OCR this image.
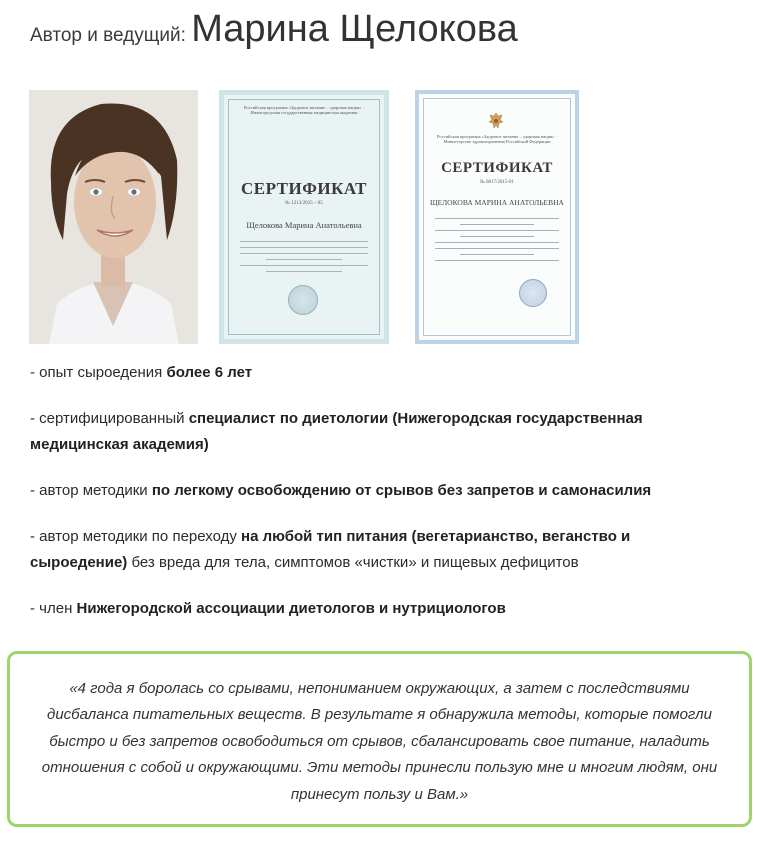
Автор и ведущий: Марина Щелокова
Российская программа «Здоровое питание – здоровая нация» · Нижегородская государственная медицинская академия
СЕРТИФИКАТ
№ 1213/2015 – 05
Щелокова Марина Анатольевна
Российская программа «Здоровое питание – здоровая нация» · Министерство здравоохранения Российской Федерации
СЕРТИФИКАТ
№ 0817/2015-01
ЩЕЛОКОВА МАРИНА АНАТОЛЬЕВНА

- опыт сыроедения более 6 лет

- сертифицированный специалист по диетологии (Нижегородская государственная медицинская академия)

- автор методики по легкому освобождению от срывов без запретов и самонасилия

- автор методики по переходу на любой тип питания (вегетарианство, веганство и сыроедение) без вреда для тела, симптомов «чистки» и пищевых дефицитов

- член Нижегородской ассоциации диетологов и нутрициологов

«4 года я боролась со срывами, непониманием окружающих, а затем с последствиями дисбаланса питательных веществ. В результате я обнаружила методы, которые помогли быстро и без запретов освободиться от срывов, сбалансировать свое питание, наладить отношения с собой и окружающими. Эти методы принесли пользую мне и многим людям, они принесут пользу и Вам.»
